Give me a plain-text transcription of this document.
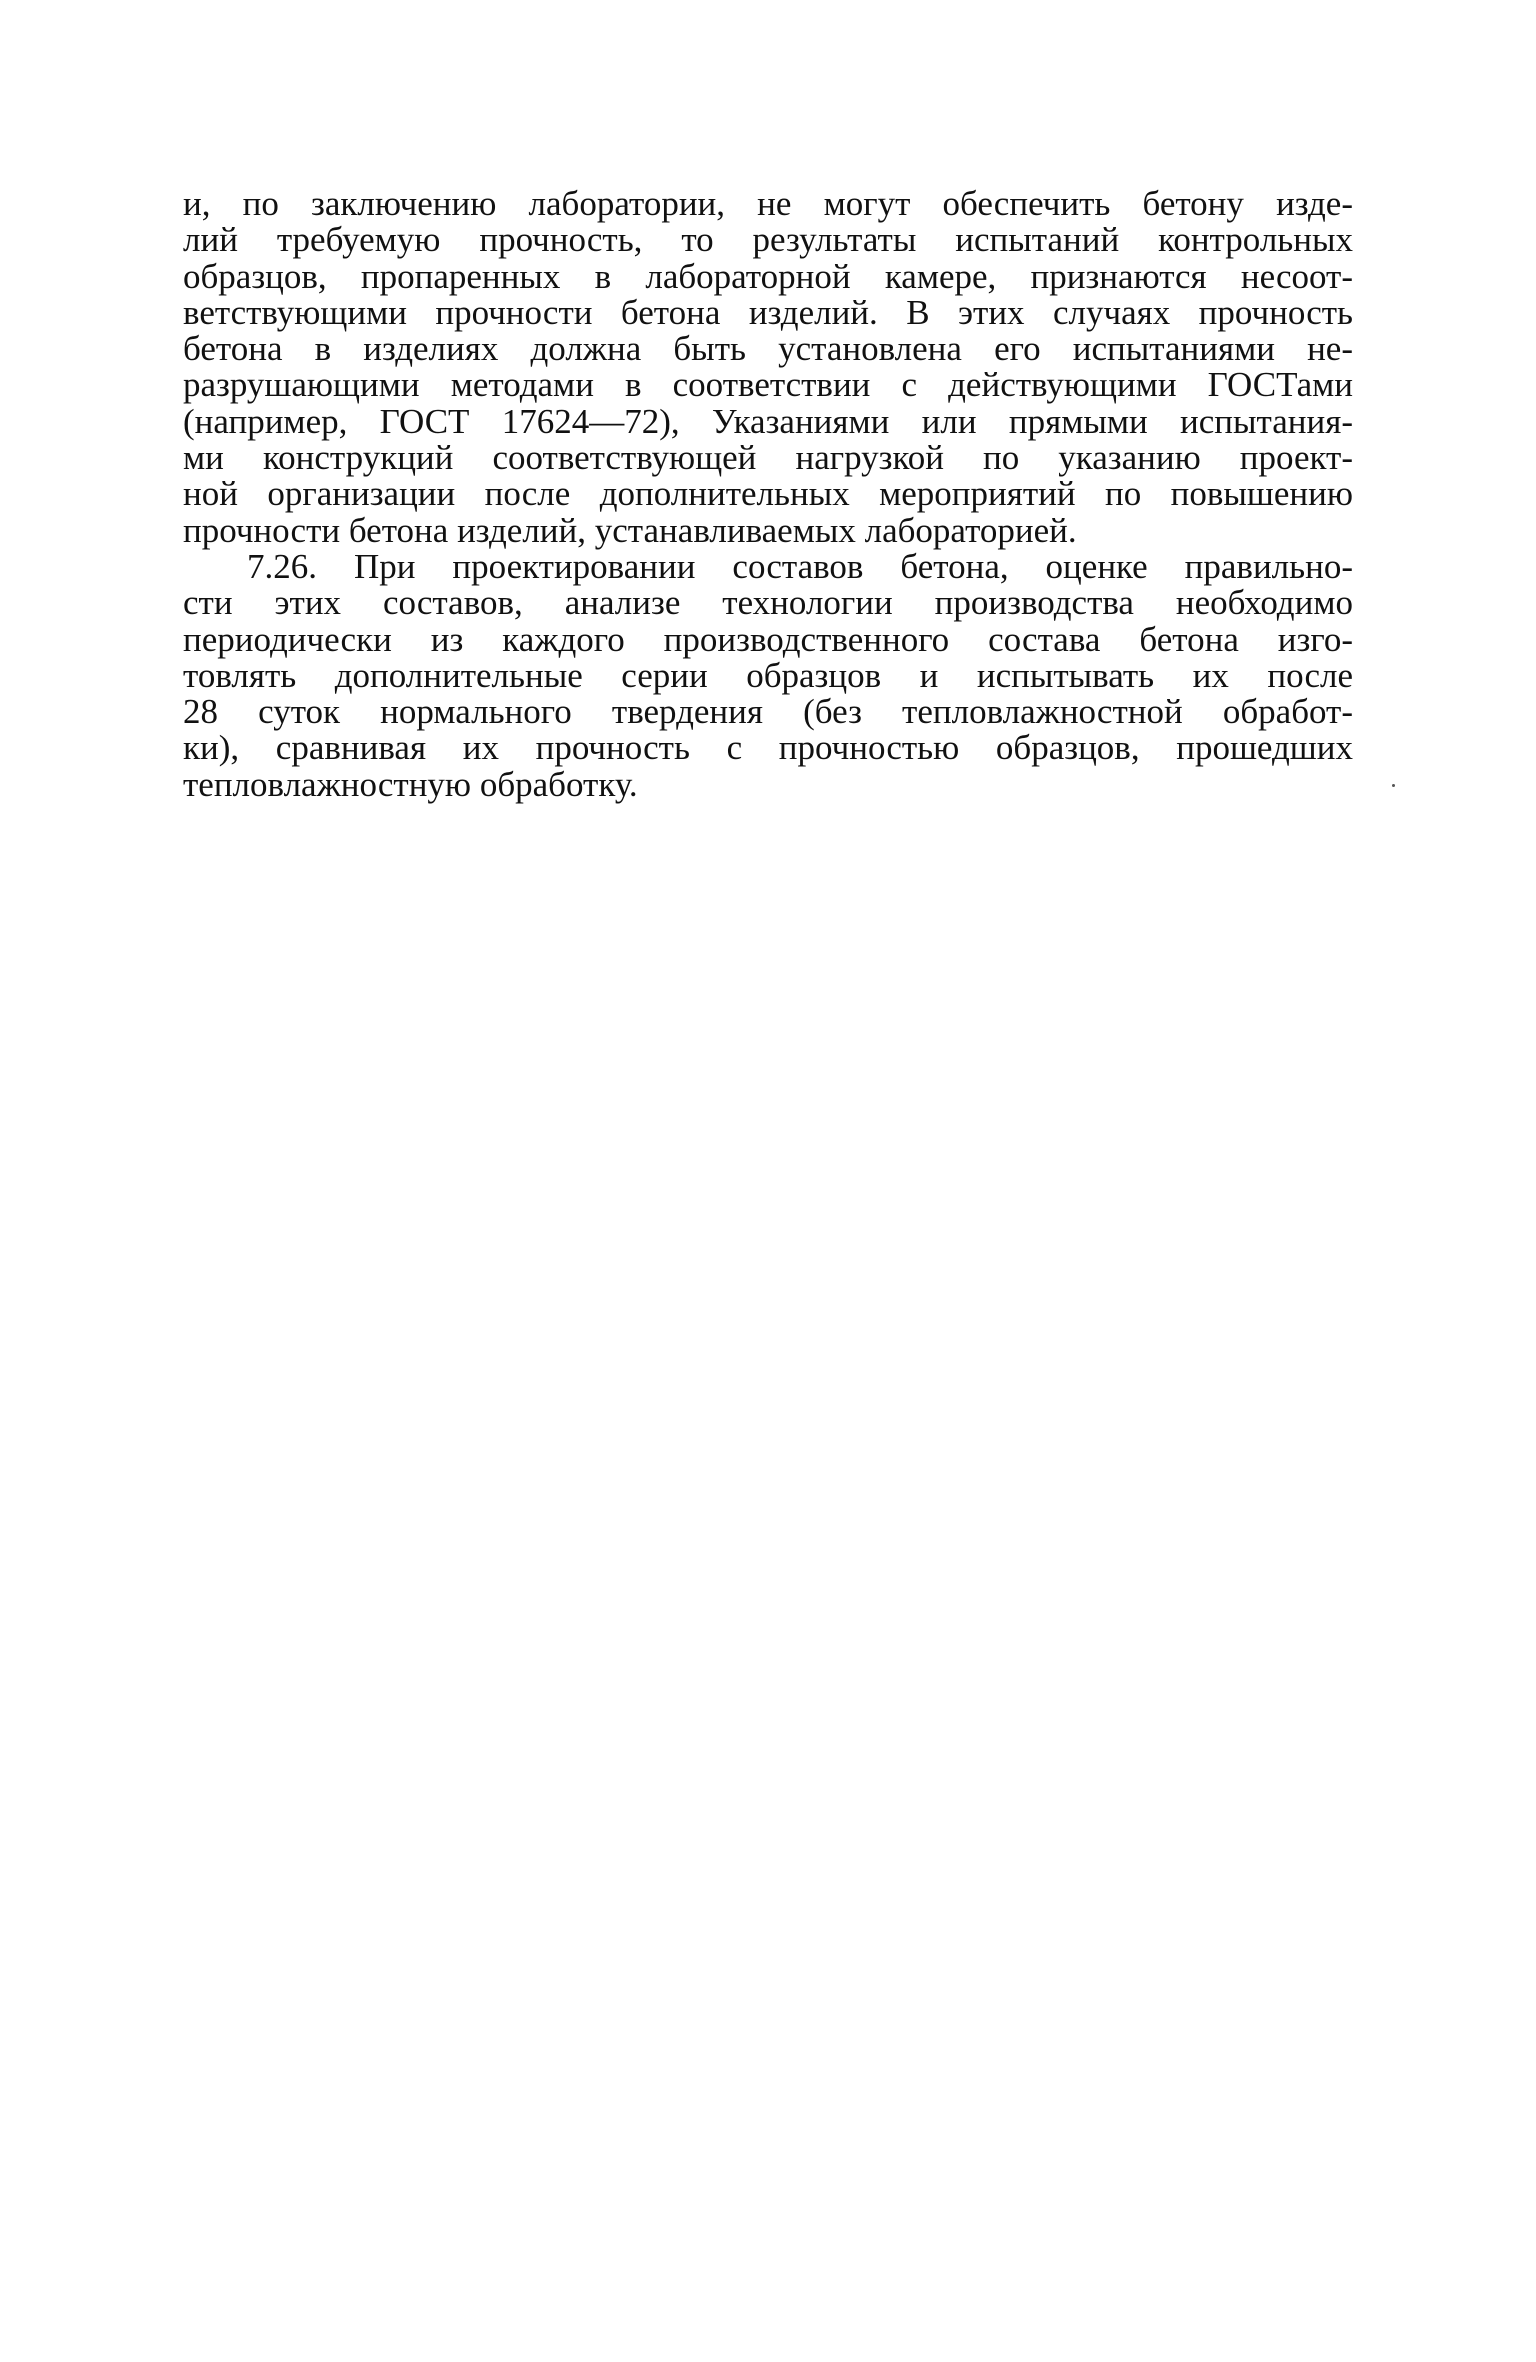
и, по заключению лаборатории, не могут обеспечить бетону изде-
лий требуемую прочность, то результаты испытаний контрольных
образцов, пропаренных в лабораторной камере, признаются несоот-
ветствующими прочности бетона изделий. В этих случаях прочность
бетона в изделиях должна быть установлена его испытаниями не-
разрушающими методами в соответствии с действующими ГОСТами
(например, ГОСТ 17624—72), Указаниями или прямыми испытания-
ми конструкций соответствующей нагрузкой по указанию проект-
ной организации после дополнительных мероприятий по повышению
прочности бетона изделий, устанавливаемых лабораторией.
7.26. При проектировании составов бетона, оценке правильно-
сти этих составов, анализе технологии производства необходимо
периодически из каждого производственного состава бетона изго-
товлять дополнительные серии образцов и испытывать их после
28 суток нормального твердения (без тепловлажностной обработ-
ки), сравнивая их прочность с прочностью образцов, прошедших
тепловлажностную обработку.
